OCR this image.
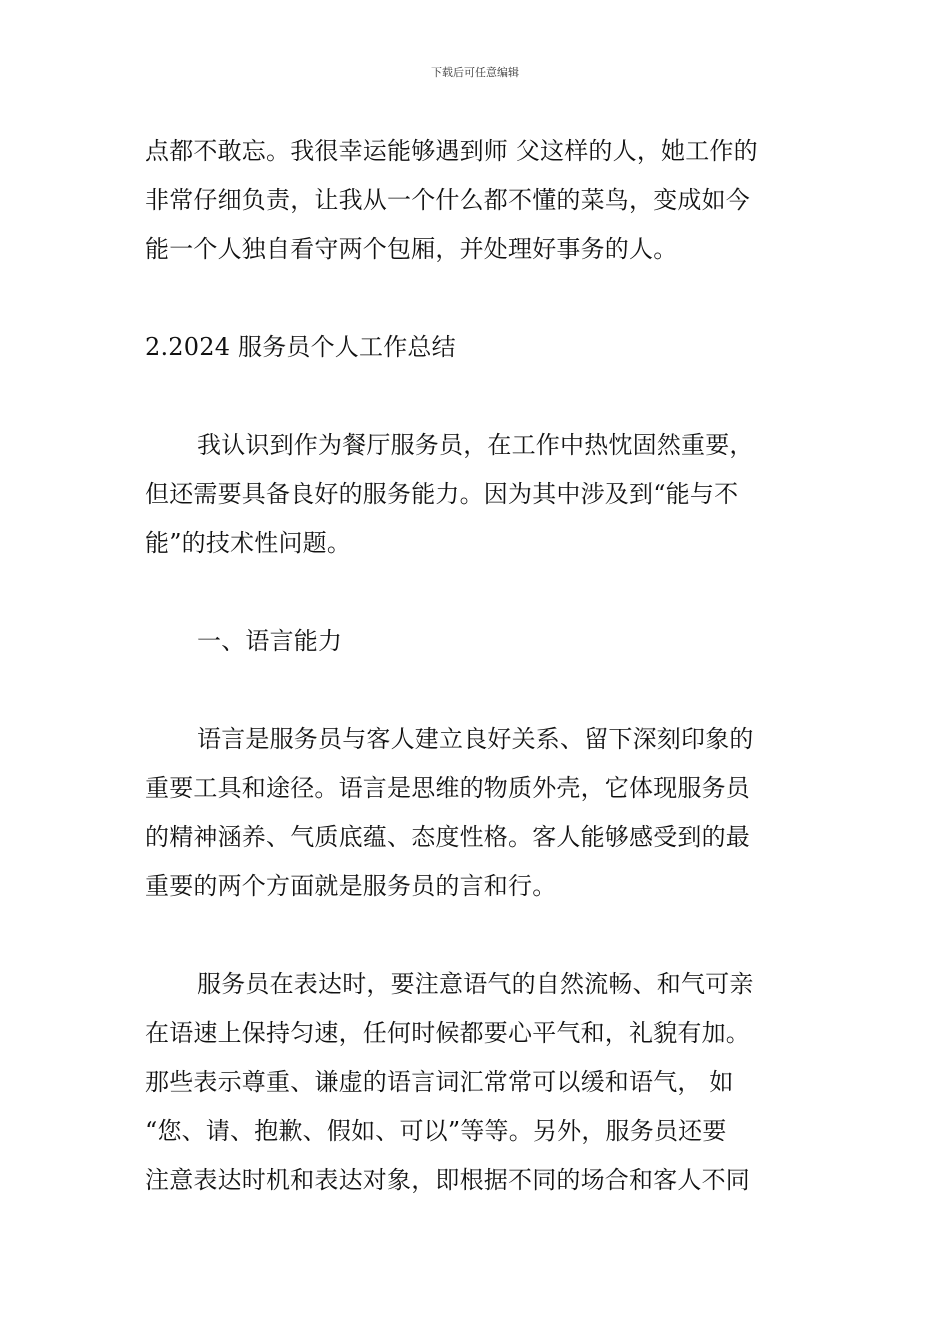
下载后可任意编辑
点都不敢忘。我很幸运能够遇到师 父这样的人，她工作的
非常仔细负责，让我从一个什么都不懂的菜鸟，变成如今
能一个人独自看守两个包厢，并处理好事务的人。
2.2024 服务员个人工作总结
我认识到作为餐厅服务员，在工作中热忱固然重要，
但还需要具备良好的服务能力。因为其中涉及到“能与不
能”的技术性问题。
一、语言能力
语言是服务员与客人建立良好关系、留下深刻印象的
重要工具和途径。语言是思维的物质外壳，它体现服务员
的精神涵养、气质底蕴、态度性格。客人能够感受到的最
重要的两个方面就是服务员的言和行。
服务员在表达时，要注意语气的自然流畅、和气可亲
在语速上保持匀速，任何时候都要心平气和，礼貌有加。
那些表示尊重、谦虚的语言词汇常常可以缓和语气， 如
“您、请、抱歉、假如、可以”等等。另外，服务员还要
注意表达时机和表达对象，即根据不同的场合和客人不同
